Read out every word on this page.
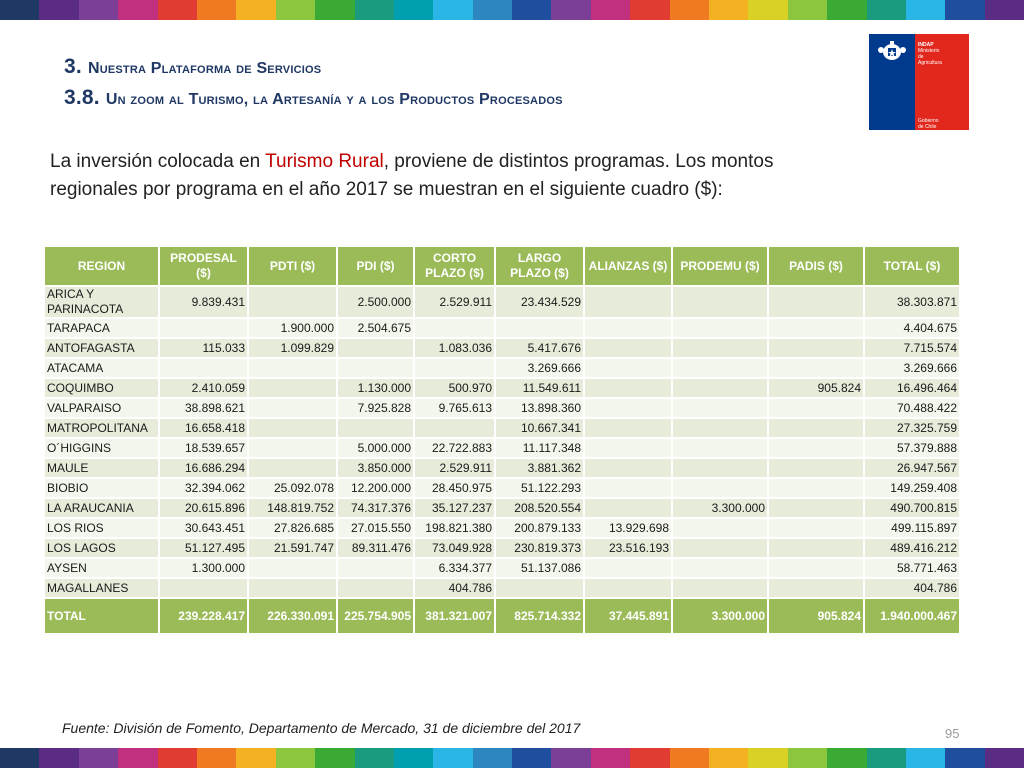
3. Nuestra Plataforma de Servicios
3.8. Un zoom al Turismo, la Artesanía y a los Productos Procesados
INDAP
Ministerio de Agricultura
Gobierno de Chile
La inversión colocada en Turismo Rural, proviene de distintos programas. Los montos regionales por programa en el año 2017 se muestran en el siguiente cuadro ($):
REGION	PRODESAL ($)	PDTI ($)	PDI ($)	CORTO PLAZO ($)	LARGO PLAZO ($)	ALIANZAS ($)	PRODEMU ($)	PADIS ($)	TOTAL ($)
ARICA Y PARINACOTA	9.839.431		2.500.000	2.529.911	23.434.529				38.303.871
TARAPACA		1.900.000	2.504.675						4.404.675
ANTOFAGASTA	115.033	1.099.829		1.083.036	5.417.676				7.715.574
ATACAMA					3.269.666				3.269.666
COQUIMBO	2.410.059		1.130.000	500.970	11.549.611			905.824	16.496.464
VALPARAISO	38.898.621		7.925.828	9.765.613	13.898.360				70.488.422
MATROPOLITANA	16.658.418				10.667.341				27.325.759
O´HIGGINS	18.539.657		5.000.000	22.722.883	11.117.348				57.379.888
MAULE	16.686.294		3.850.000	2.529.911	3.881.362				26.947.567
BIOBIO	32.394.062	25.092.078	12.200.000	28.450.975	51.122.293				149.259.408
LA ARAUCANIA	20.615.896	148.819.752	74.317.376	35.127.237	208.520.554		3.300.000		490.700.815
LOS RIOS	30.643.451	27.826.685	27.015.550	198.821.380	200.879.133	13.929.698			499.115.897
LOS LAGOS	51.127.495	21.591.747	89.311.476	73.049.928	230.819.373	23.516.193			489.416.212
AYSEN	1.300.000			6.334.377	51.137.086				58.771.463
MAGALLANES				404.786					404.786
TOTAL	239.228.417	226.330.091	225.754.905	381.321.007	825.714.332	37.445.891	3.300.000	905.824	1.940.000.467
Fuente: División de Fomento, Departamento de Mercado, 31 de diciembre del 2017	95
